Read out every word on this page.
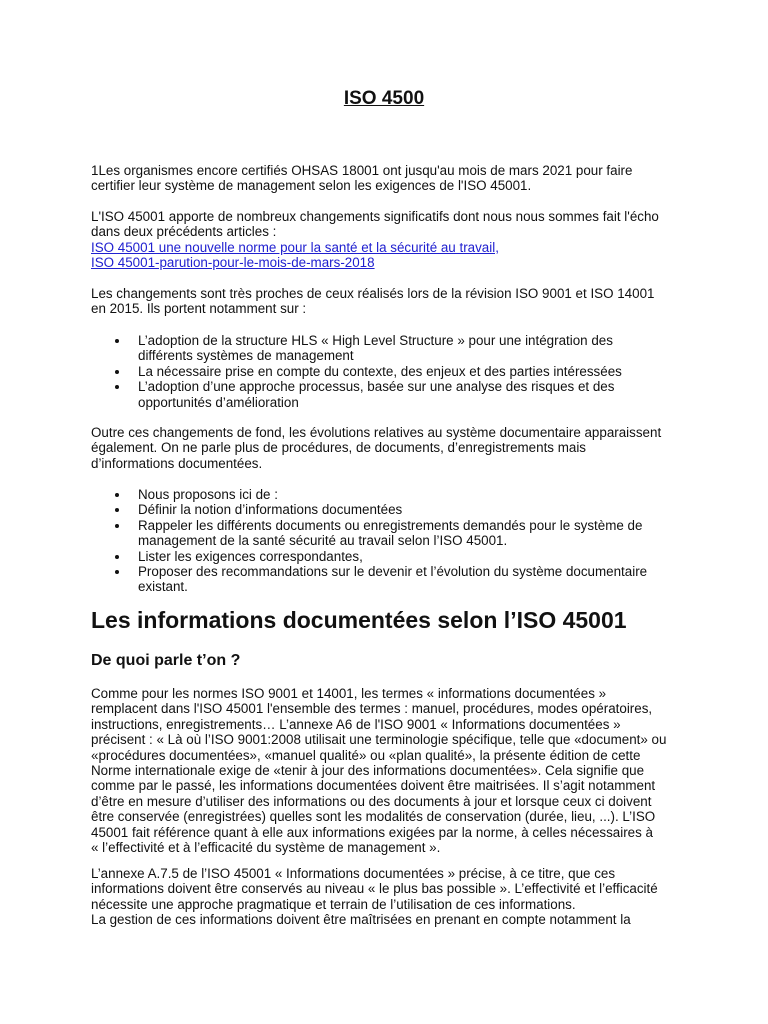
ISO 4500
1Les organismes encore certifiés OHSAS 18001 ont jusqu'au mois de mars 2021 pour faire
certifier leur système de management selon les exigences de l'ISO 45001.
L'ISO 45001 apporte de nombreux changements significatifs dont nous nous sommes fait l'écho
dans deux précédents articles :
ISO 45001 une nouvelle norme pour la santé et la sécurité au travail,
ISO 45001-parution-pour-le-mois-de-mars-2018
Les changements sont très proches de ceux réalisés lors de la révision ISO 9001 et ISO 14001
en 2015. Ils portent notamment sur :
L’adoption de la structure HLS « High Level Structure » pour une intégration des
différents systèmes de management
La nécessaire prise en compte du contexte, des enjeux et des parties intéressées
L’adoption d’une approche processus, basée sur une analyse des risques et des
opportunités d’amélioration
Outre ces changements de fond, les évolutions relatives au système documentaire apparaissent
également. On ne parle plus de procédures, de documents, d’enregistrements mais
d’informations documentées.
Nous proposons ici de :
Définir la notion d’informations documentées
Rappeler les différents documents ou enregistrements demandés pour le système de
management de la santé sécurité au travail selon l’ISO 45001.
Lister les exigences correspondantes,
Proposer des recommandations sur le devenir et l’évolution du système documentaire
existant.
Les informations documentées selon l’ISO 45001
De quoi parle t’on ?
Comme pour les normes ISO 9001 et 14001, les termes « informations documentées »
remplacent dans l'ISO 45001 l'ensemble des termes : manuel, procédures, modes opératoires,
instructions, enregistrements… L’annexe A6 de l'ISO 9001 « Informations documentées »
précisent : « Là où l’ISO 9001:2008 utilisait une terminologie spécifique, telle que «document» ou
«procédures documentées», «manuel qualité» ou «plan qualité», la présente édition de cette
Norme internationale exige de «tenir à jour des informations documentées». Cela signifie que
comme par le passé, les informations documentées doivent être maitrisées. Il s’agit notamment
d’être en mesure d’utiliser des informations ou des documents à jour et lorsque ceux ci doivent
être conservée (enregistrées) quelles sont les modalités de conservation (durée, lieu, ...). L’ISO
45001 fait référence quant à elle aux informations exigées par la norme, à celles nécessaires à
« l’effectivité et à l’efficacité du système de management ».
L’annexe A.7.5 de l’ISO 45001 « Informations documentées » précise, à ce titre, que ces
informations doivent être conservés au niveau « le plus bas possible ». L’effectivité et l’efficacité
nécessite une approche pragmatique et terrain de l’utilisation de ces informations.
La gestion de ces informations doivent être maîtrisées en prenant en compte notamment la
